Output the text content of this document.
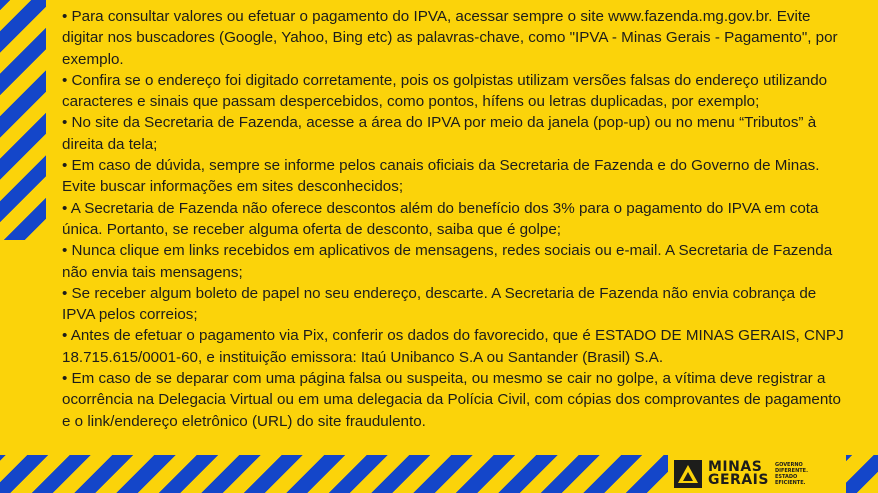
• Para consultar valores ou efetuar o pagamento do IPVA, acessar sempre o site www.fazenda.mg.gov.br. Evite
digitar nos buscadores (Google, Yahoo, Bing etc) as palavras-chave, como "IPVA - Minas Gerais - Pagamento", por
exemplo.

• Confira se o endereço foi digitado corretamente, pois os golpistas utilizam versões falsas do endereço utilizando
caracteres e sinais que passam despercebidos, como pontos, hífens ou letras duplicadas, por exemplo;

• No site da Secretaria de Fazenda, acesse a área do IPVA por meio da janela (pop-up) ou no menu “Tributos” à
direita da tela;

• Em caso de dúvida, sempre se informe pelos canais oficiais da Secretaria de Fazenda e do Governo de Minas.
Evite buscar informações em sites desconhecidos;

• A Secretaria de Fazenda não oferece descontos além do benefício dos 3% para o pagamento do IPVA em cota
única. Portanto, se receber alguma oferta de desconto, saiba que é golpe;

• Nunca clique em links recebidos em aplicativos de mensagens, redes sociais ou e-mail. A Secretaria de Fazenda
não envia tais mensagens;

• Se receber algum boleto de papel no seu endereço, descarte. A Secretaria de Fazenda não envia cobrança de
IPVA pelos correios;

• Antes de efetuar o pagamento via Pix, conferir os dados do favorecido, que é ESTADO DE MINAS GERAIS, CNPJ
18.715.615/0001-60, e instituição emissora: Itaú Unibanco S.A ou Santander (Brasil) S.A.

• Em caso de se deparar com uma página falsa ou suspeita, ou mesmo se cair no golpe, a vítima deve registrar a
ocorrência na Delegacia Virtual ou em uma delegacia da Polícia Civil, com cópias dos comprovantes de pagamento
e o link/endereço eletrônico (URL) do site fraudulento.

MINAS
GERAIS
GOVERNO
DIFERENTE.
ESTADO
EFICIENTE.
